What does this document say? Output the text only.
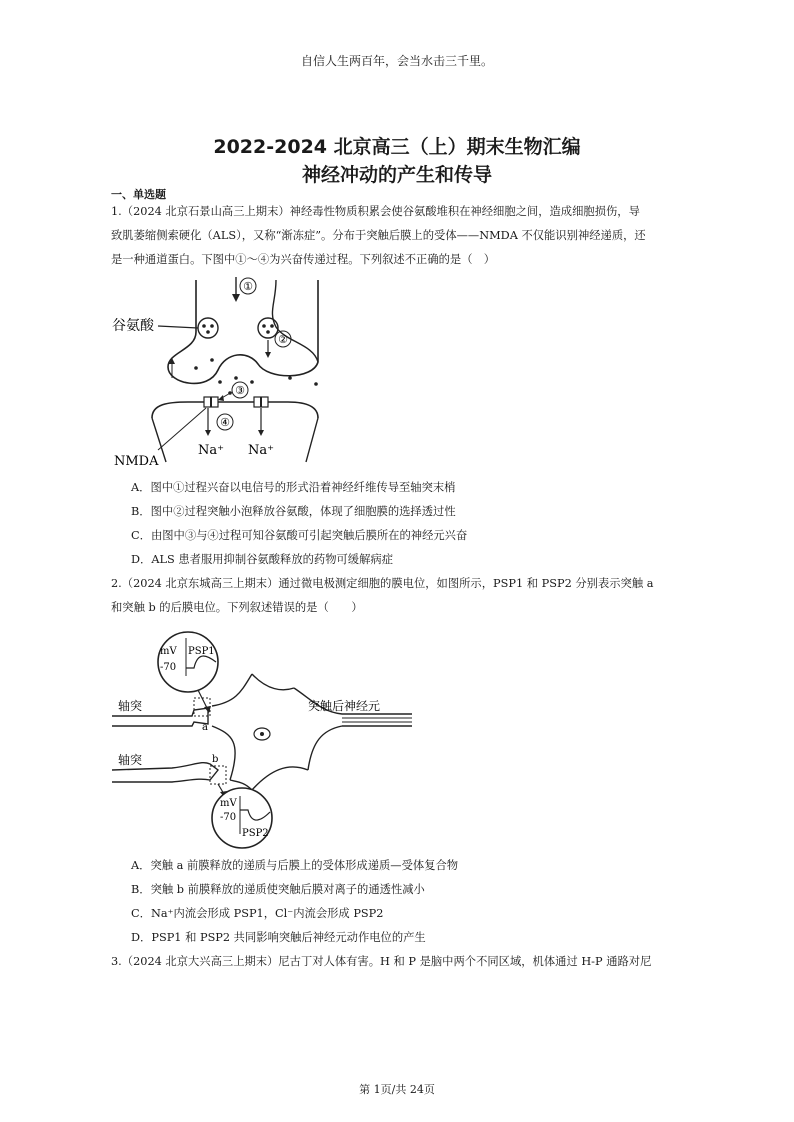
自信人生两百年，会当水击三千里。
2022-2024 北京高三（上）期末生物汇编
神经冲动的产生和传导
一、单选题
1.（2024 北京石景山高三上期末）神经毒性物质积累会使谷氨酸堆积在神经细胞之间，造成细胞损伤，导
致肌萎缩侧索硬化（ALS），又称“渐冻症”。分布于突触后膜上的受体——NMDA 不仅能识别神经递质，还
是一种通道蛋白。下图中①～④为兴奋传递过程。下列叙述不正确的是（　）
①
谷氨酸
②
③
④
Na⁺ Na⁺
NMDA
A．图中①过程兴奋以电信号的形式沿着神经纤维传导至轴突末梢
B．图中②过程突触小泡释放谷氨酸，体现了细胞膜的选择透过性
C．由图中③与④过程可知谷氨酸可引起突触后膜所在的神经元兴奋
D．ALS 患者服用抑制谷氨酸释放的药物可缓解病症
2.（2024 北京东城高三上期末）通过微电极测定细胞的膜电位，如图所示，PSP1 和 PSP2 分别表示突触 a
和突触 b 的后膜电位。下列叙述错误的是（　　）
mV
-70
PSP1
轴突
a
突触后神经元
轴突	b
mV
-70
PSP2
A．突触 a 前膜释放的递质与后膜上的受体形成递质—受体复合物
B．突触 b 前膜释放的递质使突触后膜对离子的通透性减小
C．Na⁺内流会形成 PSP1，Cl⁻内流会形成 PSP2
D．PSP1 和 PSP2 共同影响突触后神经元动作电位的产生
3.（2024 北京大兴高三上期末）尼古丁对人体有害。H 和 P 是脑中两个不同区域，机体通过 H-P 通路对尼
第 1页/共 24页
